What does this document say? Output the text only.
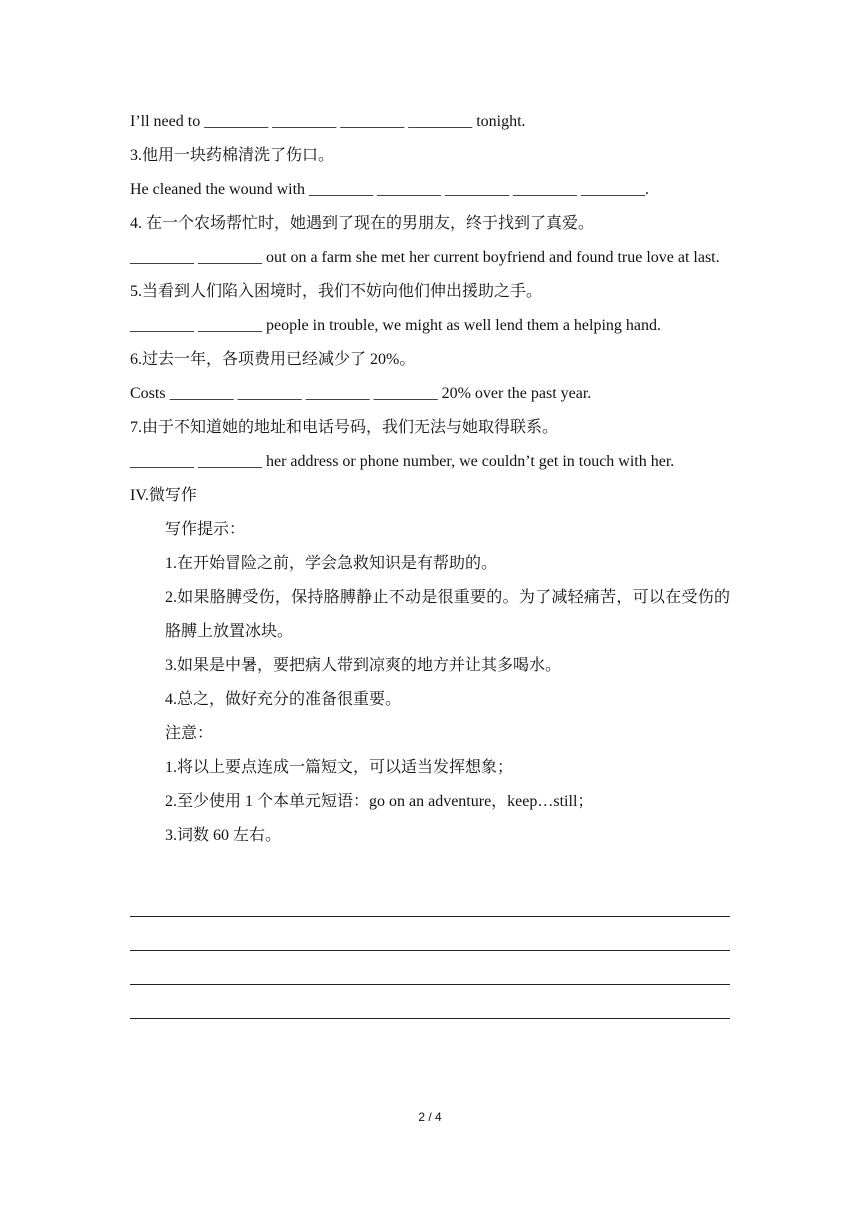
I’ll need to ________ ________ ________ ________ tonight.
3.他用一块药棉清洗了伤口。
He cleaned the wound with ________ ________ ________ ________ ________.
4. 在一个农场帮忙时，她遇到了现在的男朋友，终于找到了真爱。
________ ________ out on a farm she met her current boyfriend and found true love at last.
5.当看到人们陷入困境时，我们不妨向他们伸出援助之手。
________ ________ people in trouble, we might as well lend them a helping hand.
6.过去一年，各项费用已经减少了 20%。
Costs ________ ________ ________ ________ 20% over the past year.
7.由于不知道她的地址和电话号码，我们无法与她取得联系。
________ ________ her address or phone number, we couldn’t get in touch with her.
IV.微写作
写作提示：
1.在开始冒险之前，学会急救知识是有帮助的。
2.如果胳膊受伤，保持胳膊静止不动是很重要的。为了减轻痛苦，可以在受伤的胳膊上放置冰块。
3.如果是中暑，要把病人带到凉爽的地方并让其多喝水。
4.总之，做好充分的准备很重要。
注意：
1.将以上要点连成一篇短文，可以适当发挥想象；
2.至少使用 1 个本单元短语：go on an adventure，keep…still；
3.词数 60 左右。
2 / 4
